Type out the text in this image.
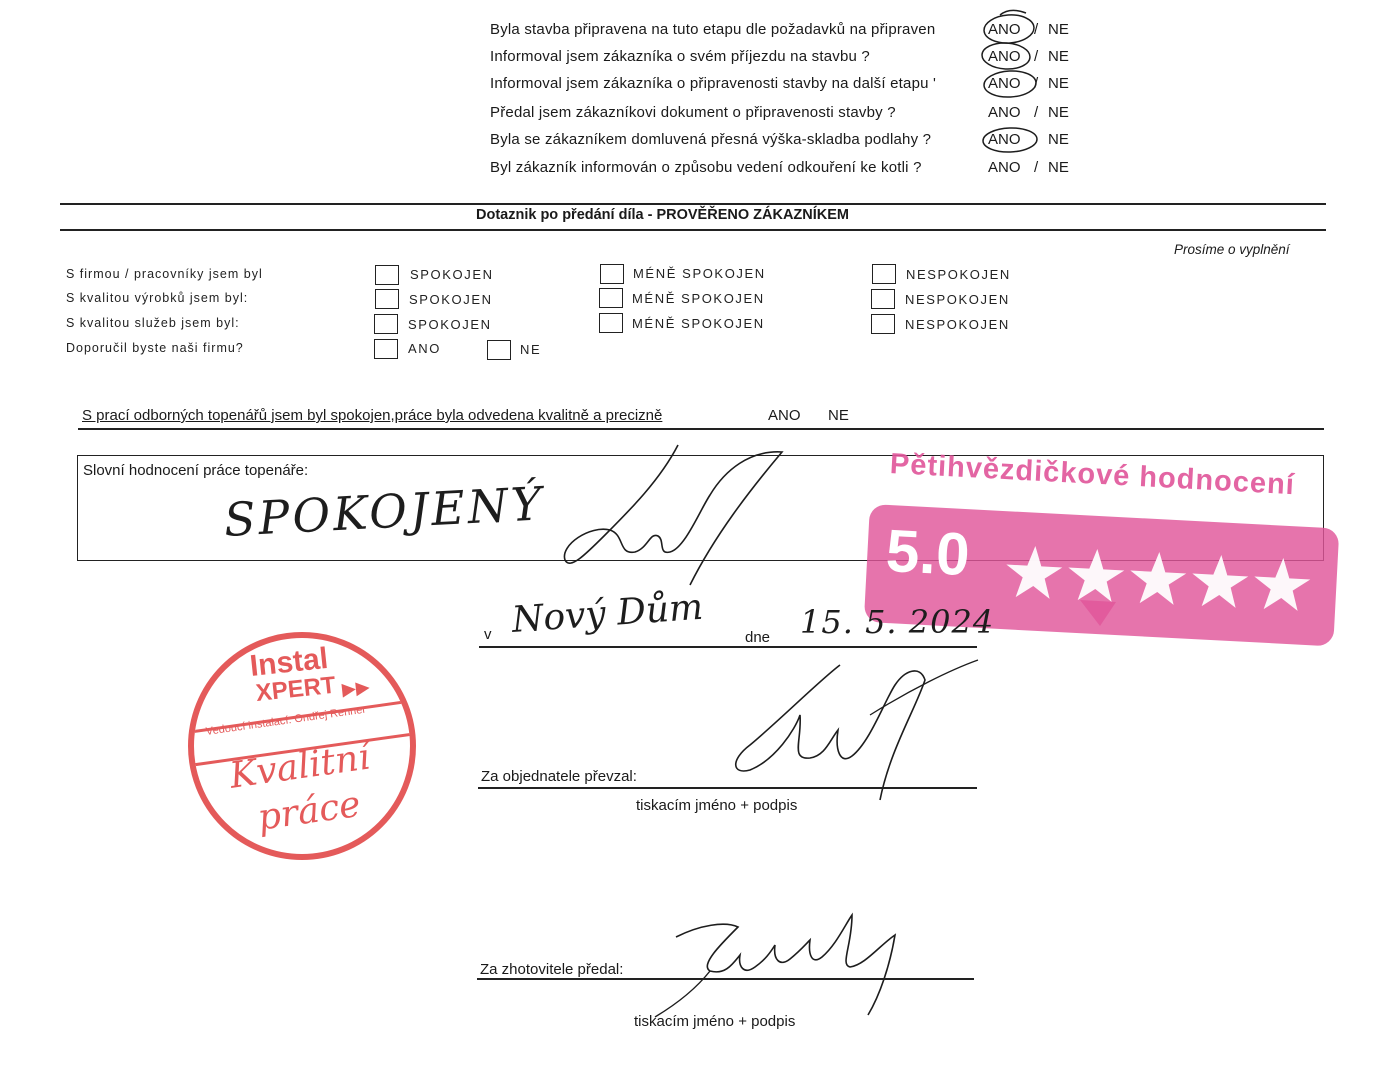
Byla stavba připravena na tuto etapu dle požadavků na připraven	ANO / NE
Informoval jsem zákazníka o svém příjezdu na stavbu ?	ANO / NE
Informoval jsem zákazníka o připravenosti stavby na další etapu '	ANO / NE
Předal jsem zákazníkovi dokument o připravenosti stavby ?	ANO / NE
Byla se zákazníkem domluvená přesná výška-skladba podlahy ?	ANO NE
Byl zákazník informován o způsobu vedení odkouření ke kotli ?	ANO / NE
Dotaznik po předání díla - PROVĚŘENO ZÁKAZNÍKEM
Prosíme o vyplnění
S firmou / pracovníky jsem byl	SPOKOJEN	MÉNĚ SPOKOJEN	NESPOKOJEN
S kvalitou výrobků jsem byl:	SPOKOJEN	MÉNĚ SPOKOJEN	NESPOKOJEN
S kvalitou služeb jsem byl:	SPOKOJEN	MÉNĚ SPOKOJEN	NESPOKOJEN
Doporučil byste naši firmu?	ANO	NE
S prací odborných topenářů jsem byl spokojen,práce byla odvedena kvalitně a precizně	ANO NE
Slovní hodnocení práce topenáře:
SPOKOJENÝ
Pětihvězdičkové hodnocení
5.0
v Nový Dům	dne 15. 5. 2024
Instal
XPERT ▶▶
Vedoucí instalací: Ondřej Renner
Kvalitní
práce
Za objednatele převzal:
tiskacím jméno + podpis
Za zhotovitele předal:
tiskacím jméno + podpis
